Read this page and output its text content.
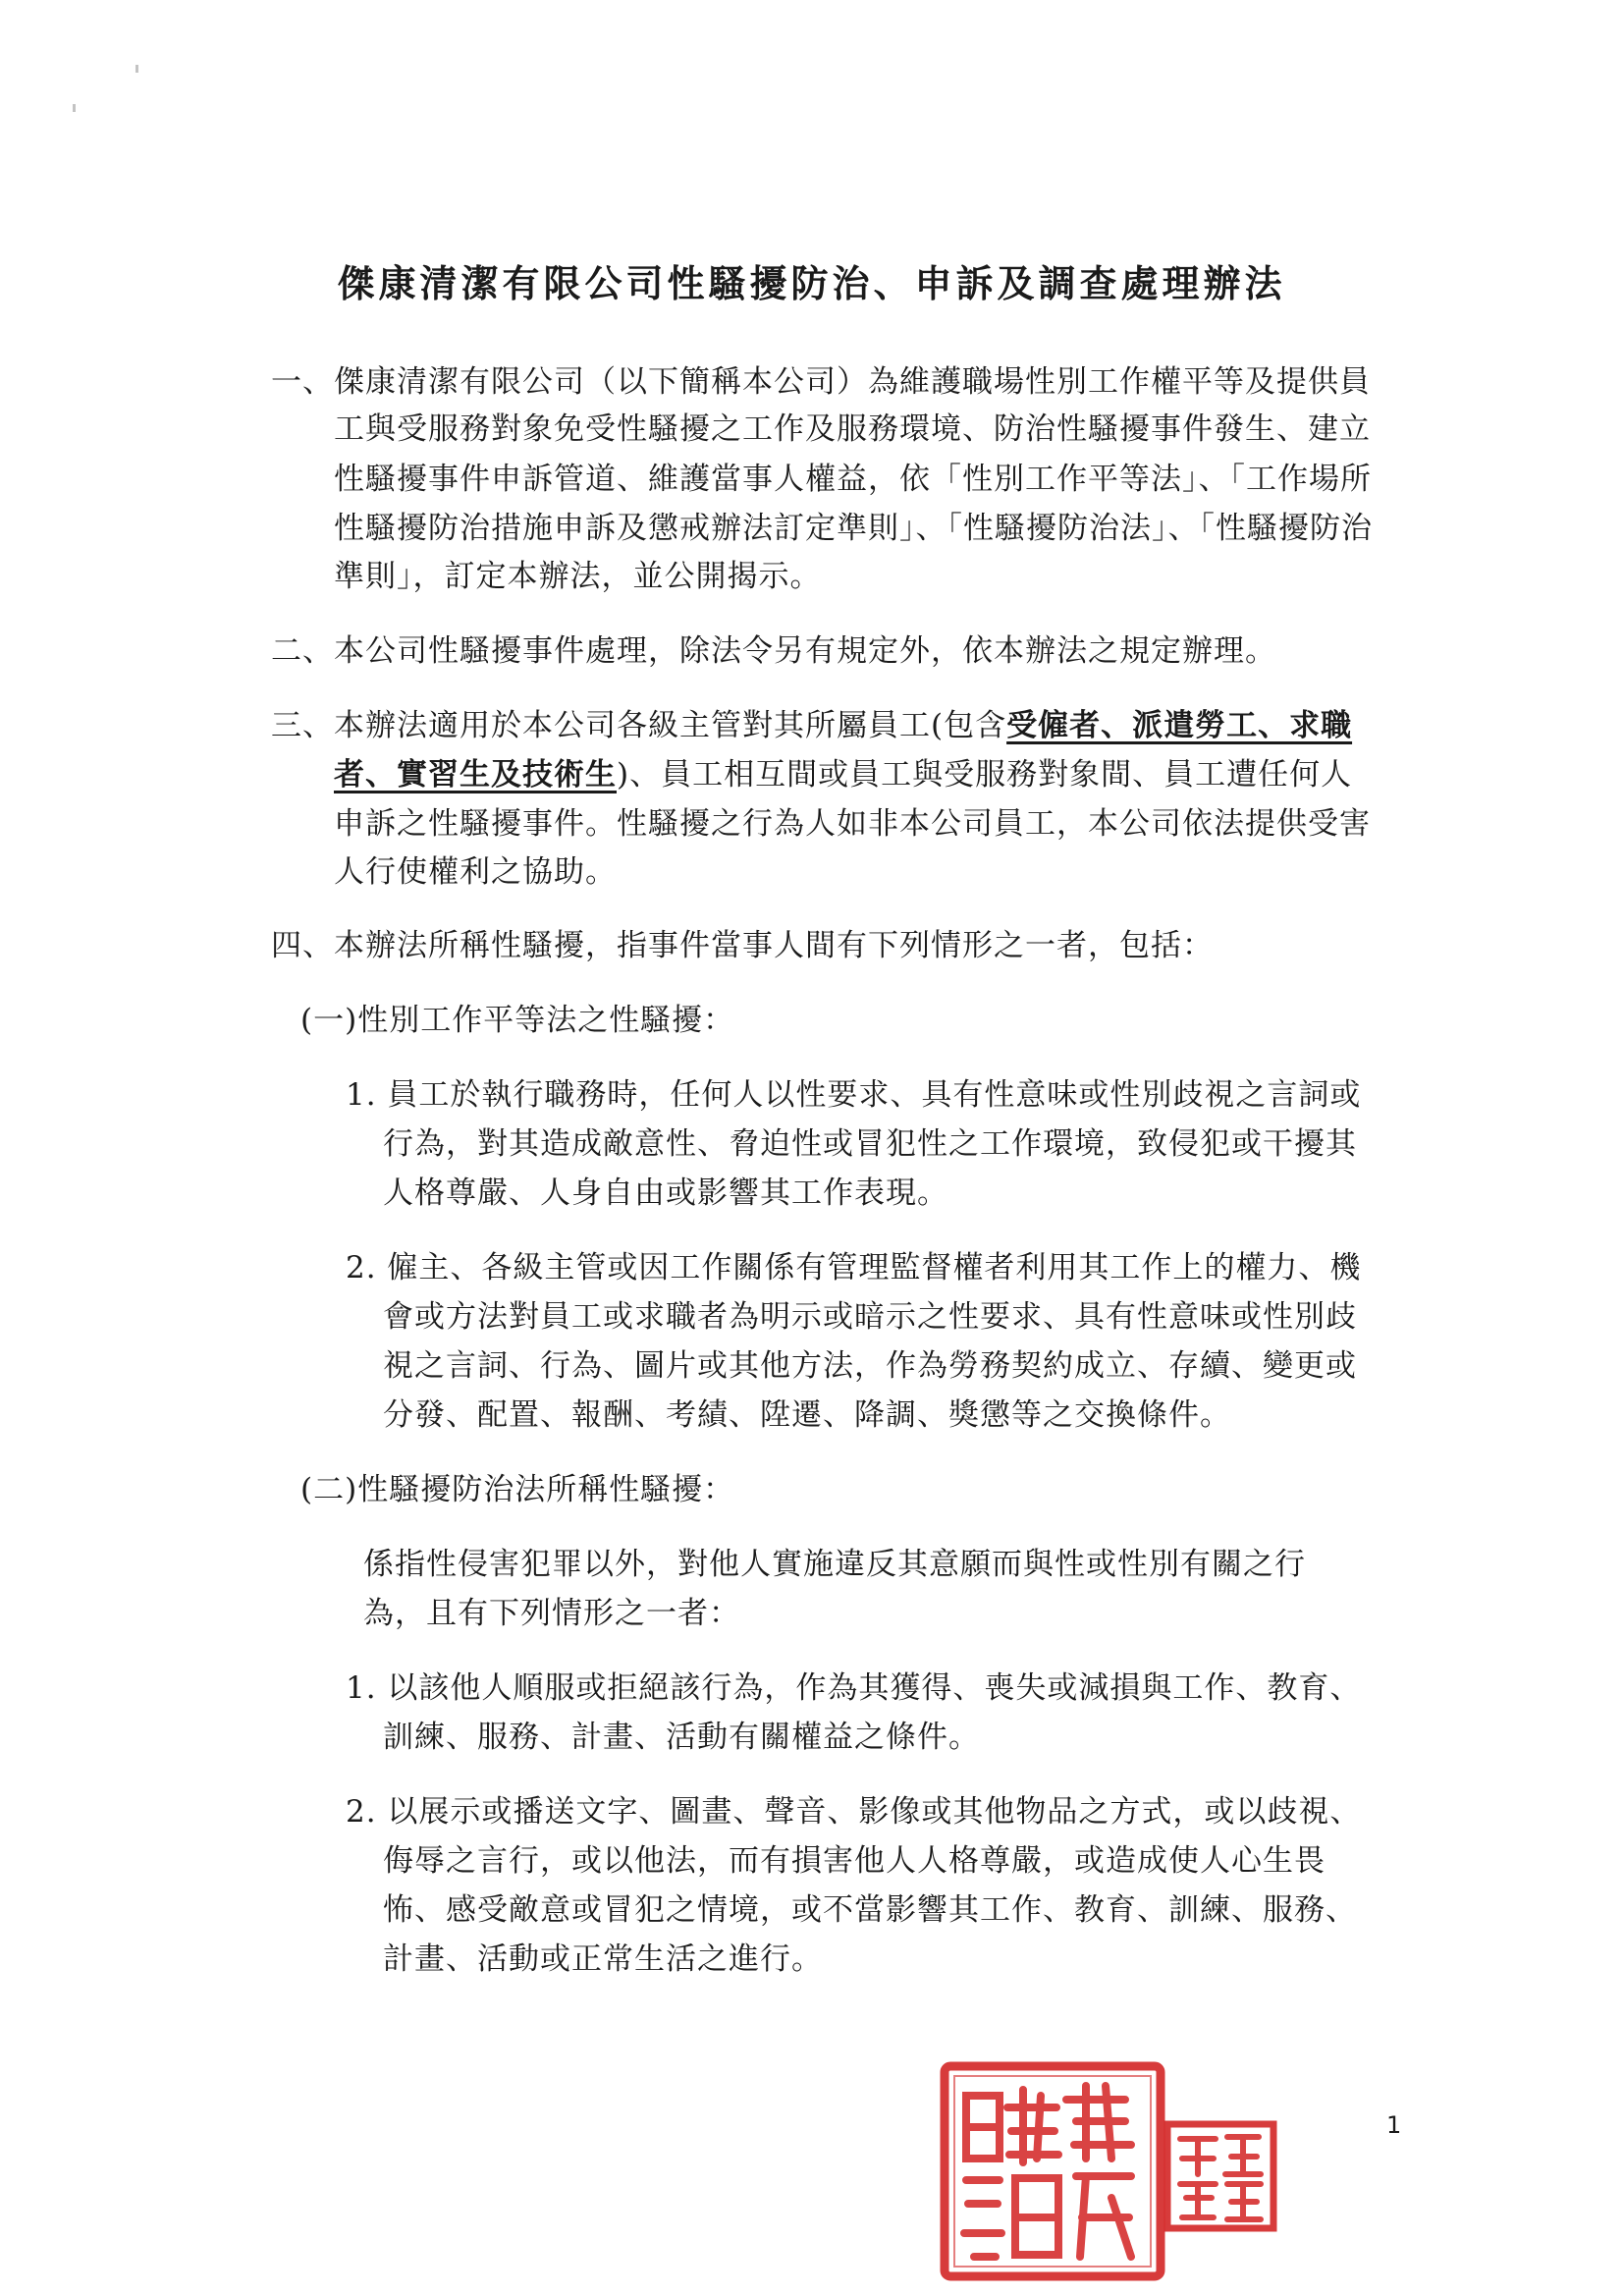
傑康清潔有限公司性騷擾防治、申訴及調查處理辦法
一、傑康清潔有限公司（以下簡稱本公司）為維護職場性別工作權平等及提供員
工與受服務對象免受性騷擾之工作及服務環境、防治性騷擾事件發生、建立
性騷擾事件申訴管道、維護當事人權益，依「性別工作平等法」、「工作場所
性騷擾防治措施申訴及懲戒辦法訂定準則」、「性騷擾防治法」、「性騷擾防治
準則」，訂定本辦法，並公開揭示。
二、本公司性騷擾事件處理，除法令另有規定外，依本辦法之規定辦理。
三、本辦法適用於本公司各級主管對其所屬員工(包含受僱者、派遣勞工、求職
者、實習生及技術生)、員工相互間或員工與受服務對象間、員工遭任何人
申訴之性騷擾事件。性騷擾之行為人如非本公司員工，本公司依法提供受害
人行使權利之協助。
四、本辦法所稱性騷擾，指事件當事人間有下列情形之一者，包括：
(一)性別工作平等法之性騷擾：
1. 員工於執行職務時，任何人以性要求、具有性意味或性別歧視之言詞或
行為，對其造成敵意性、脅迫性或冒犯性之工作環境，致侵犯或干擾其
人格尊嚴、人身自由或影響其工作表現。
2. 僱主、各級主管或因工作關係有管理監督權者利用其工作上的權力、機
會或方法對員工或求職者為明示或暗示之性要求、具有性意味或性別歧
視之言詞、行為、圖片或其他方法，作為勞務契約成立、存續、變更或
分發、配置、報酬、考績、陞遷、降調、獎懲等之交換條件。
(二)性騷擾防治法所稱性騷擾：
係指性侵害犯罪以外，對他人實施違反其意願而與性或性別有關之行
為，且有下列情形之一者：
1. 以該他人順服或拒絕該行為，作為其獲得、喪失或減損與工作、教育、
訓練、服務、計畫、活動有關權益之條件。
2. 以展示或播送文字、圖畫、聲音、影像或其他物品之方式，或以歧視、
侮辱之言行，或以他法，而有損害他人人格尊嚴，或造成使人心生畏
怖、感受敵意或冒犯之情境，或不當影響其工作、教育、訓練、服務、
計畫、活動或正常生活之進行。
1
